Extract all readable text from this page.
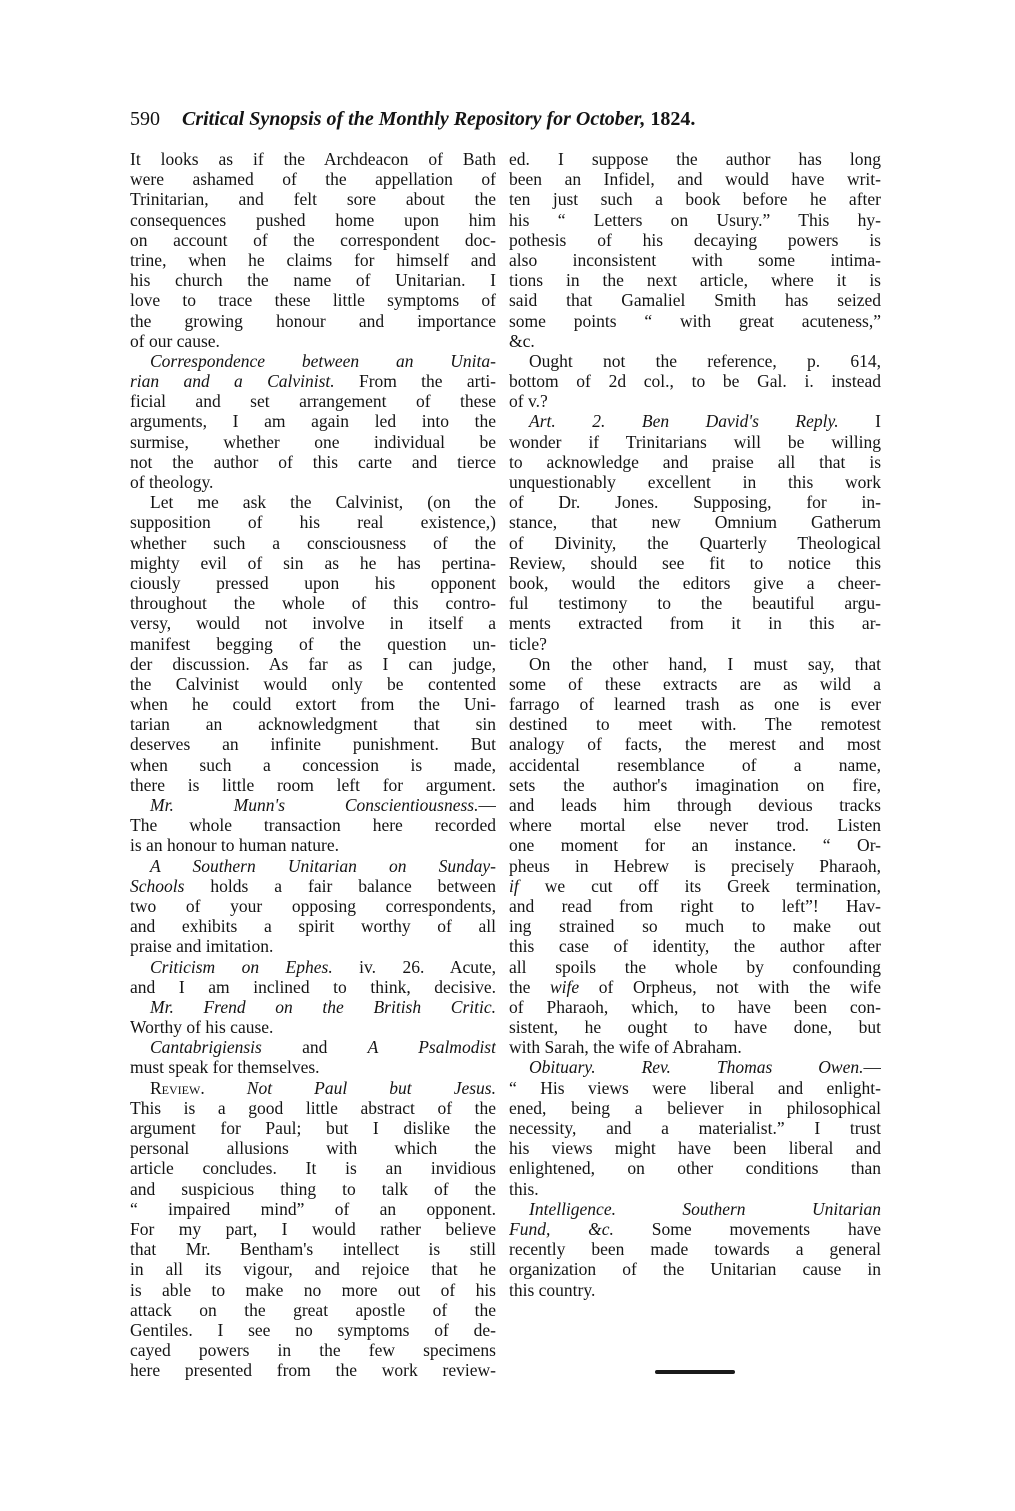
590 Critical Synopsis of the Monthly Repository for October, 1824.
It looks as if the Archdeacon of Bath
were ashamed of the appellation of
Trinitarian, and felt sore about the
consequences pushed home upon him
on account of the correspondent doc-
trine, when he claims for himself and
his church the name of Unitarian. I
love to trace these little symptoms of
the growing honour and importance
of our cause.
Correspondence between an Unita-
rian and a Calvinist. From the arti-
ficial and set arrangement of these
arguments, I am again led into the
surmise, whether one individual be
not the author of this carte and tierce
of theology.
Let me ask the Calvinist, (on the
supposition of his real existence,)
whether such a consciousness of the
mighty evil of sin as he has pertina-
ciously pressed upon his opponent
throughout the whole of this contro-
versy, would not involve in itself a
manifest begging of the question un-
der discussion. As far as I can judge,
the Calvinist would only be contented
when he could extort from the Uni-
tarian an acknowledgment that sin
deserves an infinite punishment. But
when such a concession is made,
there is little room left for argument.
Mr. Munn's Conscientiousness.—
The whole transaction here recorded
is an honour to human nature.
A Southern Unitarian on Sunday-
Schools holds a fair balance between
two of your opposing correspondents,
and exhibits a spirit worthy of all
praise and imitation.
Criticism on Ephes. iv. 26. Acute,
and I am inclined to think, decisive.
Mr. Frend on the British Critic.
Worthy of his cause.
Cantabrigiensis and A Psalmodist
must speak for themselves.
Review. Not Paul but Jesus.
This is a good little abstract of the
argument for Paul; but I dislike the
personal allusions with which the
article concludes. It is an invidious
and suspicious thing to talk of the
“ impaired mind” of an opponent.
For my part, I would rather believe
that Mr. Bentham's intellect is still
in all its vigour, and rejoice that he
is able to make no more out of his
attack on the great apostle of the
Gentiles. I see no symptoms of de-
cayed powers in the few specimens
here presented from the work review-
ed. I suppose the author has long
been an Infidel, and would have writ-
ten just such a book before he after
his “ Letters on Usury.” This hy-
pothesis of his decaying powers is
also inconsistent with some intima-
tions in the next article, where it is
said that Gamaliel Smith has seized
some points “ with great acuteness,”
&c.
Ought not the reference, p. 614,
bottom of 2d col., to be Gal. i. instead
of v.?
Art. 2. Ben David's Reply. I
wonder if Trinitarians will be willing
to acknowledge and praise all that is
unquestionably excellent in this work
of Dr. Jones. Supposing, for in-
stance, that new Omnium Gatherum
of Divinity, the Quarterly Theological
Review, should see fit to notice this
book, would the editors give a cheer-
ful testimony to the beautiful argu-
ments extracted from it in this ar-
ticle?
On the other hand, I must say, that
some of these extracts are as wild a
farrago of learned trash as one is ever
destined to meet with. The remotest
analogy of facts, the merest and most
accidental resemblance of a name,
sets the author's imagination on fire,
and leads him through devious tracks
where mortal else never trod. Listen
one moment for an instance. “ Or-
pheus in Hebrew is precisely Pharaoh,
if we cut off its Greek termination,
and read from right to left”! Hav-
ing strained so much to make out
this case of identity, the author after
all spoils the whole by confounding
the wife of Orpheus, not with the wife
of Pharaoh, which, to have been con-
sistent, he ought to have done, but
with Sarah, the wife of Abraham.
Obituary. Rev. Thomas Owen.—
“ His views were liberal and enlight-
ened, being a believer in philosophical
necessity, and a materialist.” I trust
his views might have been liberal and
enlightened, on other conditions than
this.
Intelligence. Southern Unitarian
Fund, &c. Some movements have
recently been made towards a general
organization of the Unitarian cause in
this country.
